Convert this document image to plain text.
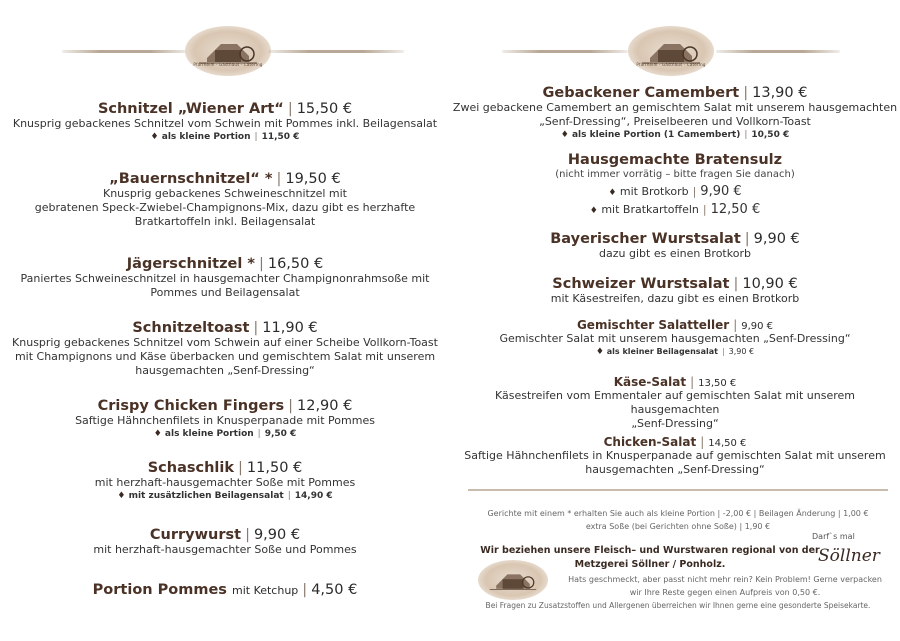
Pfarrheim · Gasthaus · Catering
Schnitzel „Wiener Art“ | 15,50 €
Knusprig gebackenes Schnitzel vom Schwein mit Pommes inkl. Beilagensalat
♦ als kleine Portion | 11,50 €
„Bauernschnitzel“ * | 19,50 €
Knusprig gebackenes Schweineschnitzel mit
gebratenen Speck-Zwiebel-Champignons-Mix, dazu gibt es herzhafte
Bratkartoffeln inkl. Beilagensalat
Jägerschnitzel * | 16,50 €
Paniertes Schweineschnitzel in hausgemachter Champignonrahmsoße mit
Pommes und Beilagensalat
Schnitzeltoast | 11,90 €
Knusprig gebackenes Schnitzel vom Schwein auf einer Scheibe Vollkorn-Toast
mit Champignons und Käse überbacken und gemischtem Salat mit unserem
hausgemachten „Senf-Dressing“
Crispy Chicken Fingers | 12,90 €
Saftige Hähnchenfilets in Knusperpanade mit Pommes
♦ als kleine Portion | 9,50 €
Schaschlik | 11,50 €
mit herzhaft-hausgemachter Soße mit Pommes
♦ mit zusätzlichen Beilagensalat | 14,90 €
Currywurst | 9,90 €
mit herzhaft-hausgemachter Soße und Pommes
Portion Pommes mit Ketchup | 4,50 €
Pfarrheim · Gasthaus · Catering
Gebackener Camembert | 13,90 €
Zwei gebackene Camembert an gemischtem Salat mit unserem hausgemachten
„Senf-Dressing“, Preiselbeeren und Vollkorn-Toast
♦ als kleine Portion (1 Camembert) | 10,50 €
Hausgemachte Bratensulz
(nicht immer vorrätig – bitte fragen Sie danach)
♦ mit Brotkorb | 9,90 €
♦ mit Bratkartoffeln | 12,50 €
Bayerischer Wurstsalat | 9,90 €
dazu gibt es einen Brotkorb
Schweizer Wurstsalat | 10,90 €
mit Käsestreifen, dazu gibt es einen Brotkorb
Gemischter Salatteller | 9,90 €
Gemischter Salat mit unserem hausgemachten „Senf-Dressing“
♦ als kleiner Beilagensalat | 3,90 €
Käse-Salat | 13,50 €
Käsestreifen vom Emmentaler auf gemischten Salat mit unserem hausgemachten
„Senf-Dressing“
Chicken-Salat | 14,50 €
Saftige Hähnchenfilets in Knusperpanade auf gemischten Salat mit unserem
hausgemachten „Senf-Dressing“
Gerichte mit einem * erhalten Sie auch als kleine Portion | -2,00 € | Beilagen Änderung | 1,00 €
extra Soße (bei Gerichten ohne Soße) | 1,90 €
Wir beziehen unsere Fleisch– und Wurstwaren regional von der
Metzgerei Söllner / Ponholz.
Darf`s mal
Söllner
Hats geschmeckt, aber passt nicht mehr rein? Kein Problem! Gerne verpacken
wir Ihre Reste gegen einen Aufpreis von 0,50 €.
Bei Fragen zu Zusatzstoffen und Allergenen überreichen wir Ihnen gerne eine gesonderte Speisekarte.
